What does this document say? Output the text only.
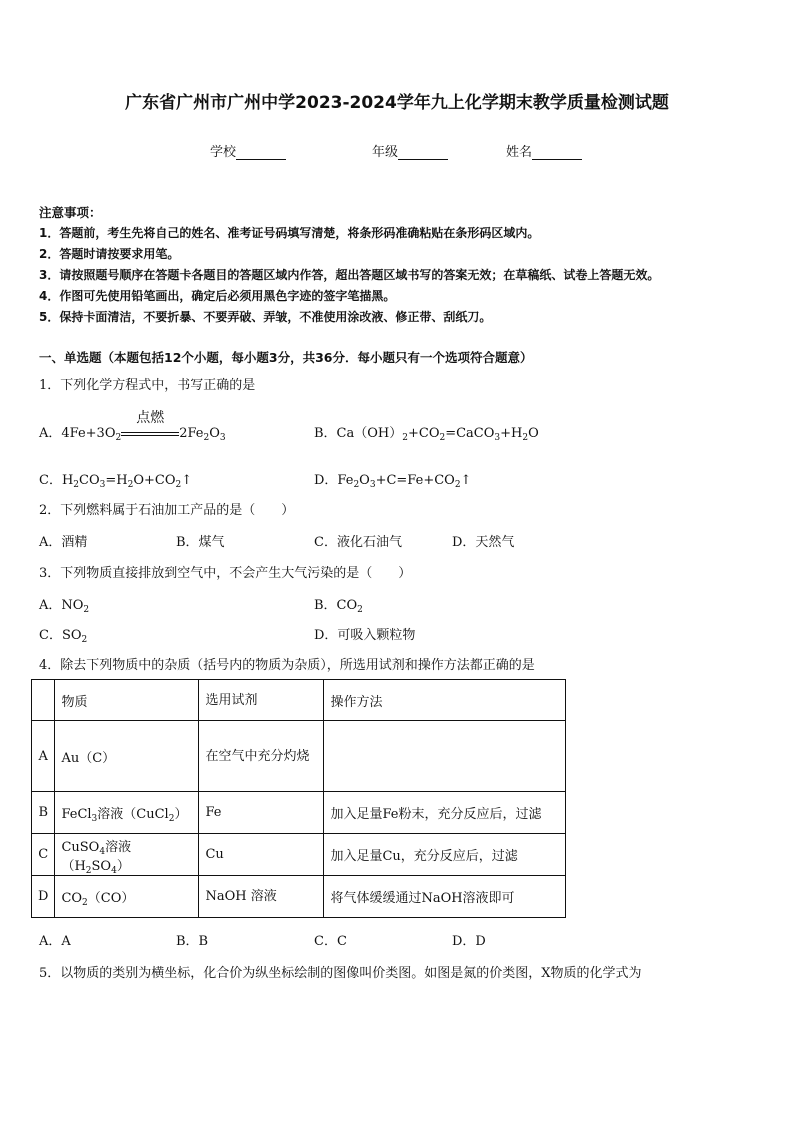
广东省广州市广州中学2023-2024学年九上化学期末教学质量检测试题
学校	年级	姓名
注意事项：
1．答题前，考生先将自己的姓名、准考证号码填写清楚，将条形码准确粘贴在条形码区域内。
2．答题时请按要求用笔。
3．请按照题号顺序在答题卡各题目的答题区域内作答，超出答题区域书写的答案无效；在草稿纸、试卷上答题无效。
4．作图可先使用铅笔画出，确定后必须用黑色字迹的签字笔描黑。
5．保持卡面清洁，不要折暴、不要弄破、弄皱，不准使用涂改液、修正带、刮纸刀。
一、单选题（本题包括12个小题，每小题3分，共36分．每小题只有一个选项符合题意）
1．下列化学方程式中，书写正确的是
A．$4Fe+3O_2$
点燃
$2Fe_2O_3$	B．$Ca(OH)_2+CO_2=CaCO_3+H_2O$
C．$H_2CO_3=H_2O+CO_2↑$	D．$Fe_2O_3+C=Fe+CO_2↑$
2．下列燃料属于石油加工产品的是（　　）
A．酒精	B．煤气	C．液化石油气	D．天然气
3．下列物质直接排放到空气中，不会产生大气污染的是（　　）
A．$NO_2$	B．$CO_2$
C．$SO_2$	D．可吸入颗粒物
4．除去下列物质中的杂质（括号内的物质为杂质），所选用试剂和操作方法都正确的是
	物质	选用试剂	操作方法
A	Au（C）	在空气中充分灼烧	
B	FeCl$_3$溶液（CuCl$_2$）	Fe	加入足量Fe粉末，充分反应后，过滤
C	CuSO$_4$溶液$(H_2SO_4)$	Cu	加入足量Cu，充分反应后，过滤
D	$CO_2(CO)$	NaOH 溶液	将气体缓缓通过NaOH溶液即可
A．A	B．B	C．C	D．D
5．以物质的类别为横坐标，化合价为纵坐标绘制的图像叫价类图。如图是氮的价类图，X物质的化学式为
